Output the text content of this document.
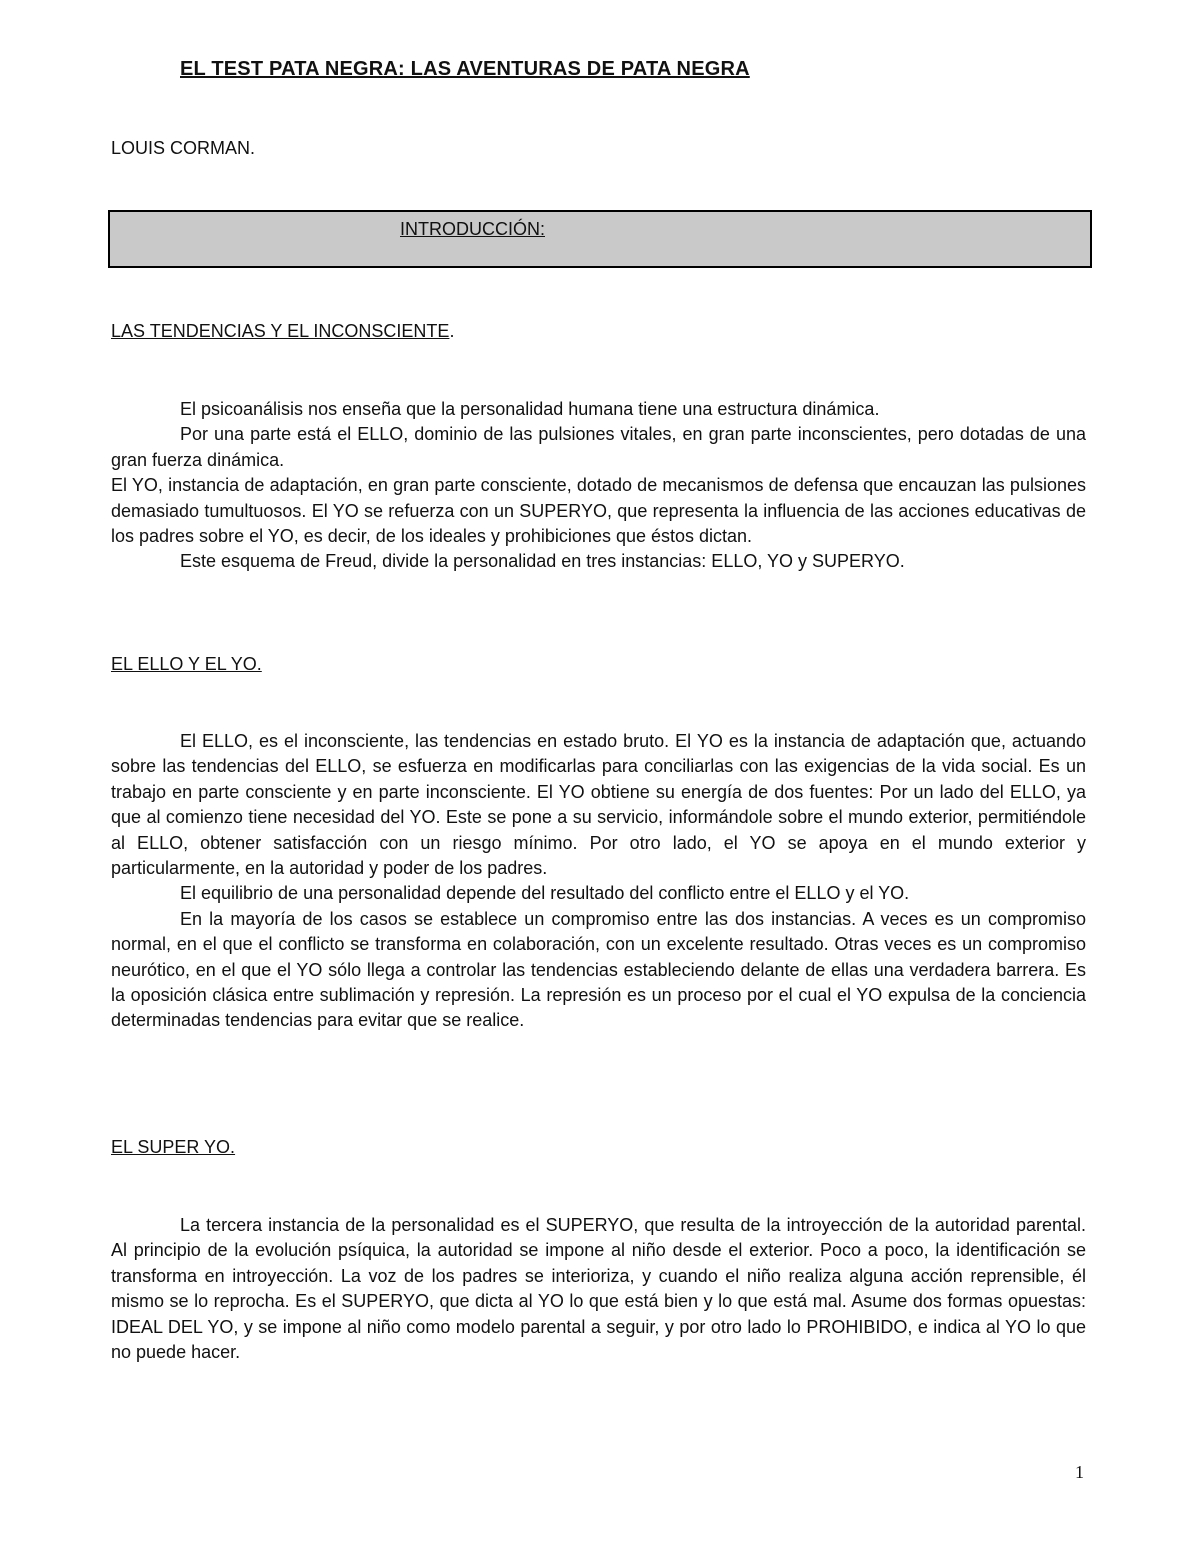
EL TEST PATA NEGRA: LAS AVENTURAS DE PATA NEGRA
LOUIS CORMAN.
INTRODUCCIÓN:
LAS TENDENCIAS Y EL INCONSCIENTE.

El psicoanálisis nos enseña que la personalidad humana tiene una estructura dinámica.

Por una parte está el ELLO, dominio de las pulsiones vitales, en gran parte inconscientes, pero dotadas de una gran fuerza dinámica.

El YO, instancia de adaptación, en gran parte consciente, dotado de mecanismos de defensa que encauzan las pulsiones demasiado tumultuosos. El YO se refuerza con un SUPERYO, que representa la influencia de las acciones educativas de los padres sobre el YO, es decir, de los ideales y prohibiciones que éstos dictan.

Este esquema de Freud, divide la personalidad en tres instancias: ELLO, YO y SUPERYO.

EL ELLO Y EL YO.

El ELLO, es el inconsciente, las tendencias en estado bruto. El YO es la instancia de adaptación que, actuando sobre las tendencias del ELLO, se esfuerza en modificarlas para conciliarlas con las exigencias de la vida social. Es un trabajo en parte consciente y en parte inconsciente. El YO obtiene su energía de dos fuentes: Por un lado del ELLO, ya que al comienzo tiene necesidad del YO. Este se pone a su servicio, informándole sobre el mundo exterior, permitiéndole al ELLO, obtener satisfacción con un riesgo mínimo. Por otro lado, el YO se apoya en el mundo exterior y particularmente, en la autoridad y poder de los padres.

El equilibrio de una personalidad depende del resultado del conflicto entre el ELLO y el YO.

En la mayoría de los casos se establece un compromiso entre las dos instancias. A veces es un compromiso normal, en el que el conflicto se transforma en colaboración, con un excelente resultado. Otras veces es un compromiso neurótico, en el que el YO sólo llega a controlar las tendencias estableciendo delante de ellas una verdadera barrera. Es la oposición clásica entre sublimación y represión. La represión es un proceso por el cual el YO expulsa de la conciencia determinadas tendencias para evitar que se realice.

EL SUPER YO.

La tercera instancia de la personalidad es el SUPERYO, que resulta de la introyección de la autoridad parental. Al principio de la evolución psíquica, la autoridad se impone al niño desde el exterior. Poco a poco, la identificación se transforma en introyección. La voz de los padres se interioriza, y cuando el niño realiza alguna acción reprensible, él mismo se lo reprocha. Es el SUPERYO, que dicta al YO lo que está bien y lo que está mal. Asume dos formas opuestas: IDEAL DEL YO, y se impone al niño como modelo parental a seguir, y por otro lado lo PROHIBIDO, e indica al YO lo que no puede hacer.

1
